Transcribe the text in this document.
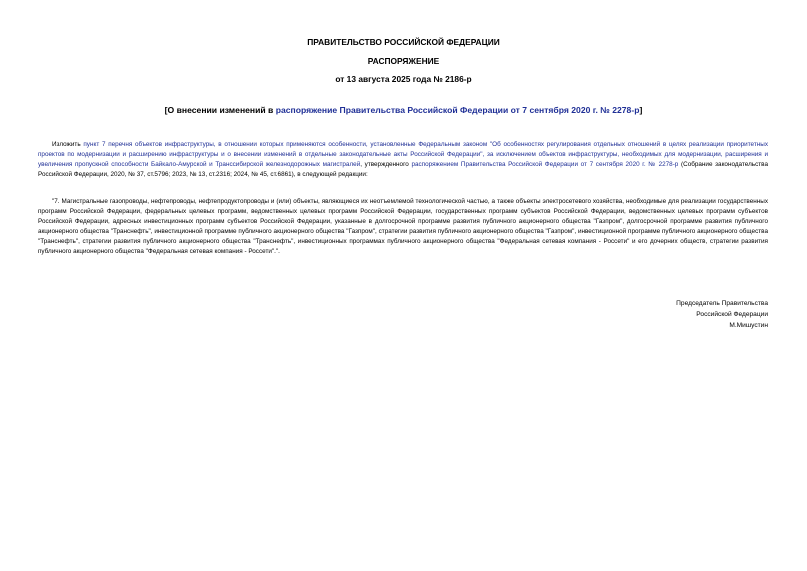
ПРАВИТЕЛЬСТВО РОССИЙСКОЙ ФЕДЕРАЦИИ
РАСПОРЯЖЕНИЕ
от 13 августа 2025 года № 2186-р
[О внесении изменений в распоряжение Правительства Российской Федерации от 7 сентября 2020 г. № 2278-р]

Изложить пункт 7 перечня объектов инфраструктуры, в отношении которых применяются особенности, установленные Федеральным законом "Об особенностях регулирования отдельных отношений в целях реализации приоритетных проектов по модернизации и расширению инфраструктуры и о внесении изменений в отдельные законодательные акты Российской Федерации", за исключением объектов инфраструктуры, необходимых для модернизации, расширения и увеличения пропускной способности Байкало-Амурской и Транссибирской железнодорожных магистралей, утвержденного распоряжением Правительства Российской Федерации от 7 сентября 2020 г. № 2278-р (Собрание законодательства Российской Федерации, 2020, № 37, ст.5796; 2023, № 13, ст.2316; 2024, № 45, ст.6861), в следующей редакции:

"7. Магистральные газопроводы, нефтепроводы, нефтепродуктопроводы и (или) объекты, являющиеся их неотъемлемой технологической частью, а также объекты электросетевого хозяйства, необходимые для реализации государственных программ Российской Федерации, федеральных целевых программ, ведомственных целевых программ Российской Федерации, государственных программ субъектов Российской Федерации, ведомственных целевых программ субъектов Российской Федерации, адресных инвестиционных программ субъектов Российской Федерации, указанные в долгосрочной программе развития публичного акционерного общества "Газпром", долгосрочной программе развития публичного акционерного общества "Транснефть", инвестиционной программе публичного акционерного общества "Газпром", стратегии развития публичного акционерного общества "Газпром", инвестиционной программе публичного акционерного общества "Транснефть", стратегии развития публичного акционерного общества "Транснефть", инвестиционных программах публичного акционерного общества "Федеральная сетевая компания - Россети" и его дочерних обществ, стратегии развития публичного акционерного общества "Федеральная сетевая компания - Россети".".

Председатель Правительства
Российской Федерации
М.Мишустин
